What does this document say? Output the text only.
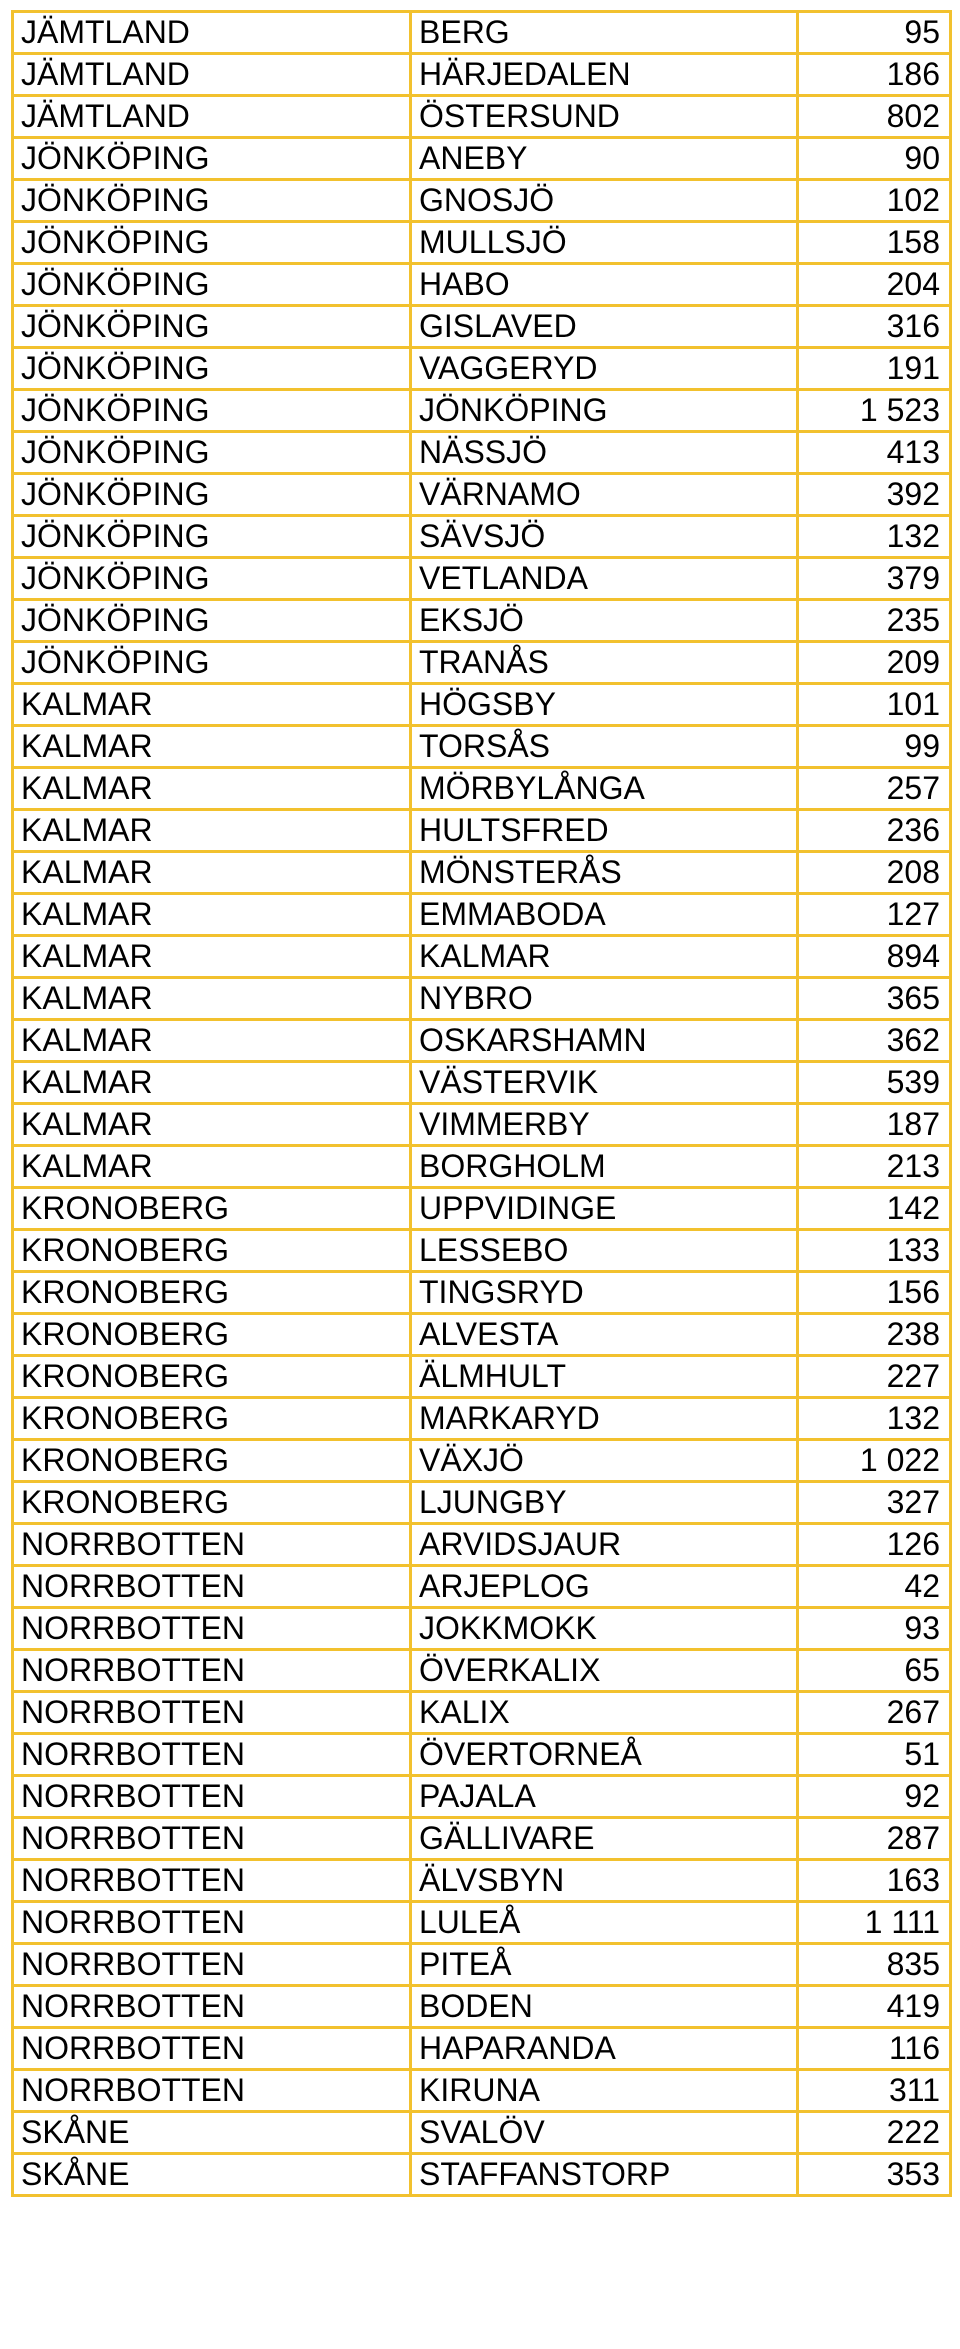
JÄMTLAND	BERG	95
JÄMTLAND	HÄRJEDALEN	186
JÄMTLAND	ÖSTERSUND	802
JÖNKÖPING	ANEBY	90
JÖNKÖPING	GNOSJÖ	102
JÖNKÖPING	MULLSJÖ	158
JÖNKÖPING	HABO	204
JÖNKÖPING	GISLAVED	316
JÖNKÖPING	VAGGERYD	191
JÖNKÖPING	JÖNKÖPING	1 523
JÖNKÖPING	NÄSSJÖ	413
JÖNKÖPING	VÄRNAMO	392
JÖNKÖPING	SÄVSJÖ	132
JÖNKÖPING	VETLANDA	379
JÖNKÖPING	EKSJÖ	235
JÖNKÖPING	TRANÅS	209
KALMAR	HÖGSBY	101
KALMAR	TORSÅS	99
KALMAR	MÖRBYLÅNGA	257
KALMAR	HULTSFRED	236
KALMAR	MÖNSTERÅS	208
KALMAR	EMMABODA	127
KALMAR	KALMAR	894
KALMAR	NYBRO	365
KALMAR	OSKARSHAMN	362
KALMAR	VÄSTERVIK	539
KALMAR	VIMMERBY	187
KALMAR	BORGHOLM	213
KRONOBERG	UPPVIDINGE	142
KRONOBERG	LESSEBO	133
KRONOBERG	TINGSRYD	156
KRONOBERG	ALVESTA	238
KRONOBERG	ÄLMHULT	227
KRONOBERG	MARKARYD	132
KRONOBERG	VÄXJÖ	1 022
KRONOBERG	LJUNGBY	327
NORRBOTTEN	ARVIDSJAUR	126
NORRBOTTEN	ARJEPLOG	42
NORRBOTTEN	JOKKMOKK	93
NORRBOTTEN	ÖVERKALIX	65
NORRBOTTEN	KALIX	267
NORRBOTTEN	ÖVERTORNEÅ	51
NORRBOTTEN	PAJALA	92
NORRBOTTEN	GÄLLIVARE	287
NORRBOTTEN	ÄLVSBYN	163
NORRBOTTEN	LULEÅ	1 111
NORRBOTTEN	PITEÅ	835
NORRBOTTEN	BODEN	419
NORRBOTTEN	HAPARANDA	116
NORRBOTTEN	KIRUNA	311
SKÅNE	SVALÖV	222
SKÅNE	STAFFANSTORP	353
